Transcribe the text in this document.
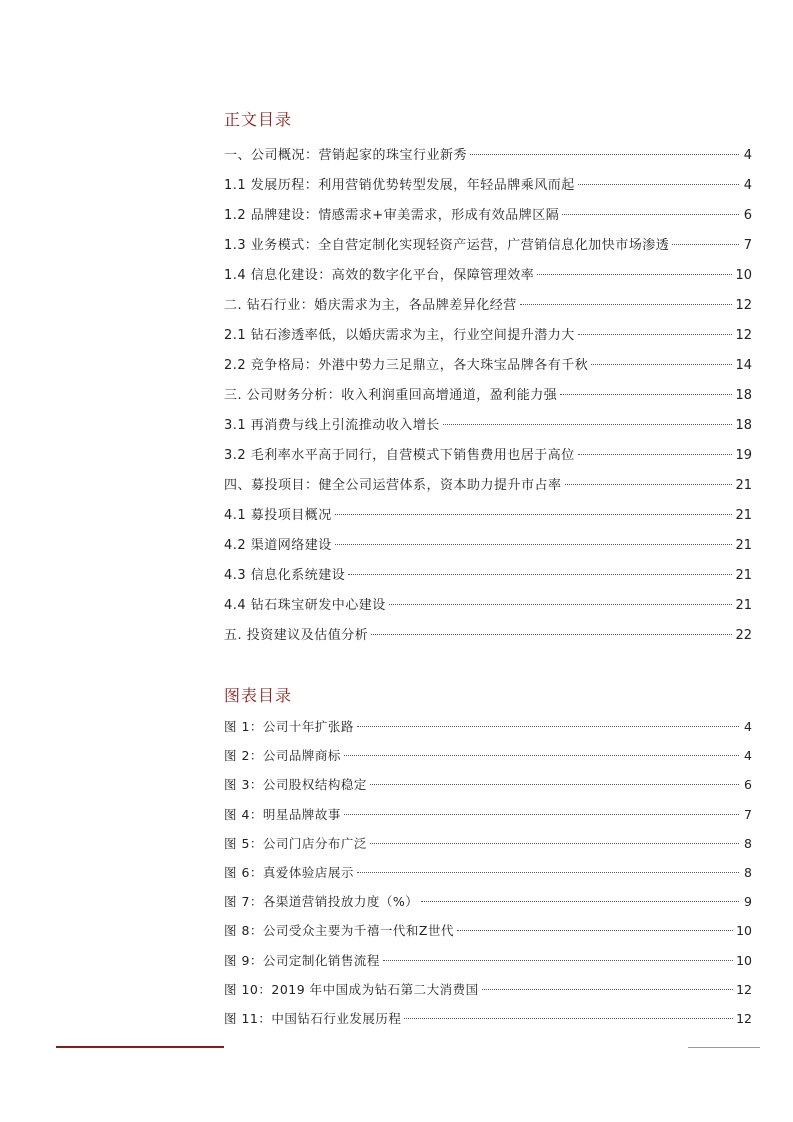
正文目录
一、公司概况：营销起家的珠宝行业新秀	4
1.1 发展历程：利用营销优势转型发展，年轻品牌乘风而起	4
1.2 品牌建设：情感需求+审美需求，形成有效品牌区隔	6
1.3 业务模式：全自营定制化实现轻资产运营，广营销信息化加快市场渗透	7
1.4 信息化建设：高效的数字化平台，保障管理效率	10
二. 钻石行业：婚庆需求为主，各品牌差异化经营	12
2.1 钻石渗透率低，以婚庆需求为主，行业空间提升潜力大	12
2.2 竞争格局：外港中势力三足鼎立，各大珠宝品牌各有千秋	14
三. 公司财务分析：收入利润重回高增通道，盈利能力强	18
3.1 再消费与线上引流推动收入增长	18
3.2 毛利率水平高于同行，自营模式下销售费用也居于高位	19
四、募投项目：健全公司运营体系，资本助力提升市占率	21
4.1 募投项目概况	21
4.2 渠道网络建设	21
4.3 信息化系统建设	21
4.4 钻石珠宝研发中心建设	21
五. 投资建议及估值分析	22
图表目录
图 1：公司十年扩张路	4
图 2：公司品牌商标	4
图 3：公司股权结构稳定	6
图 4：明星品牌故事	7
图 5：公司门店分布广泛	8
图 6：真爱体验店展示	8
图 7：各渠道营销投放力度（%）	9
图 8：公司受众主要为千禧一代和Z世代	10
图 9：公司定制化销售流程	10
图 10：2019 年中国成为钻石第二大消费国	12
图 11：中国钻石行业发展历程	12
